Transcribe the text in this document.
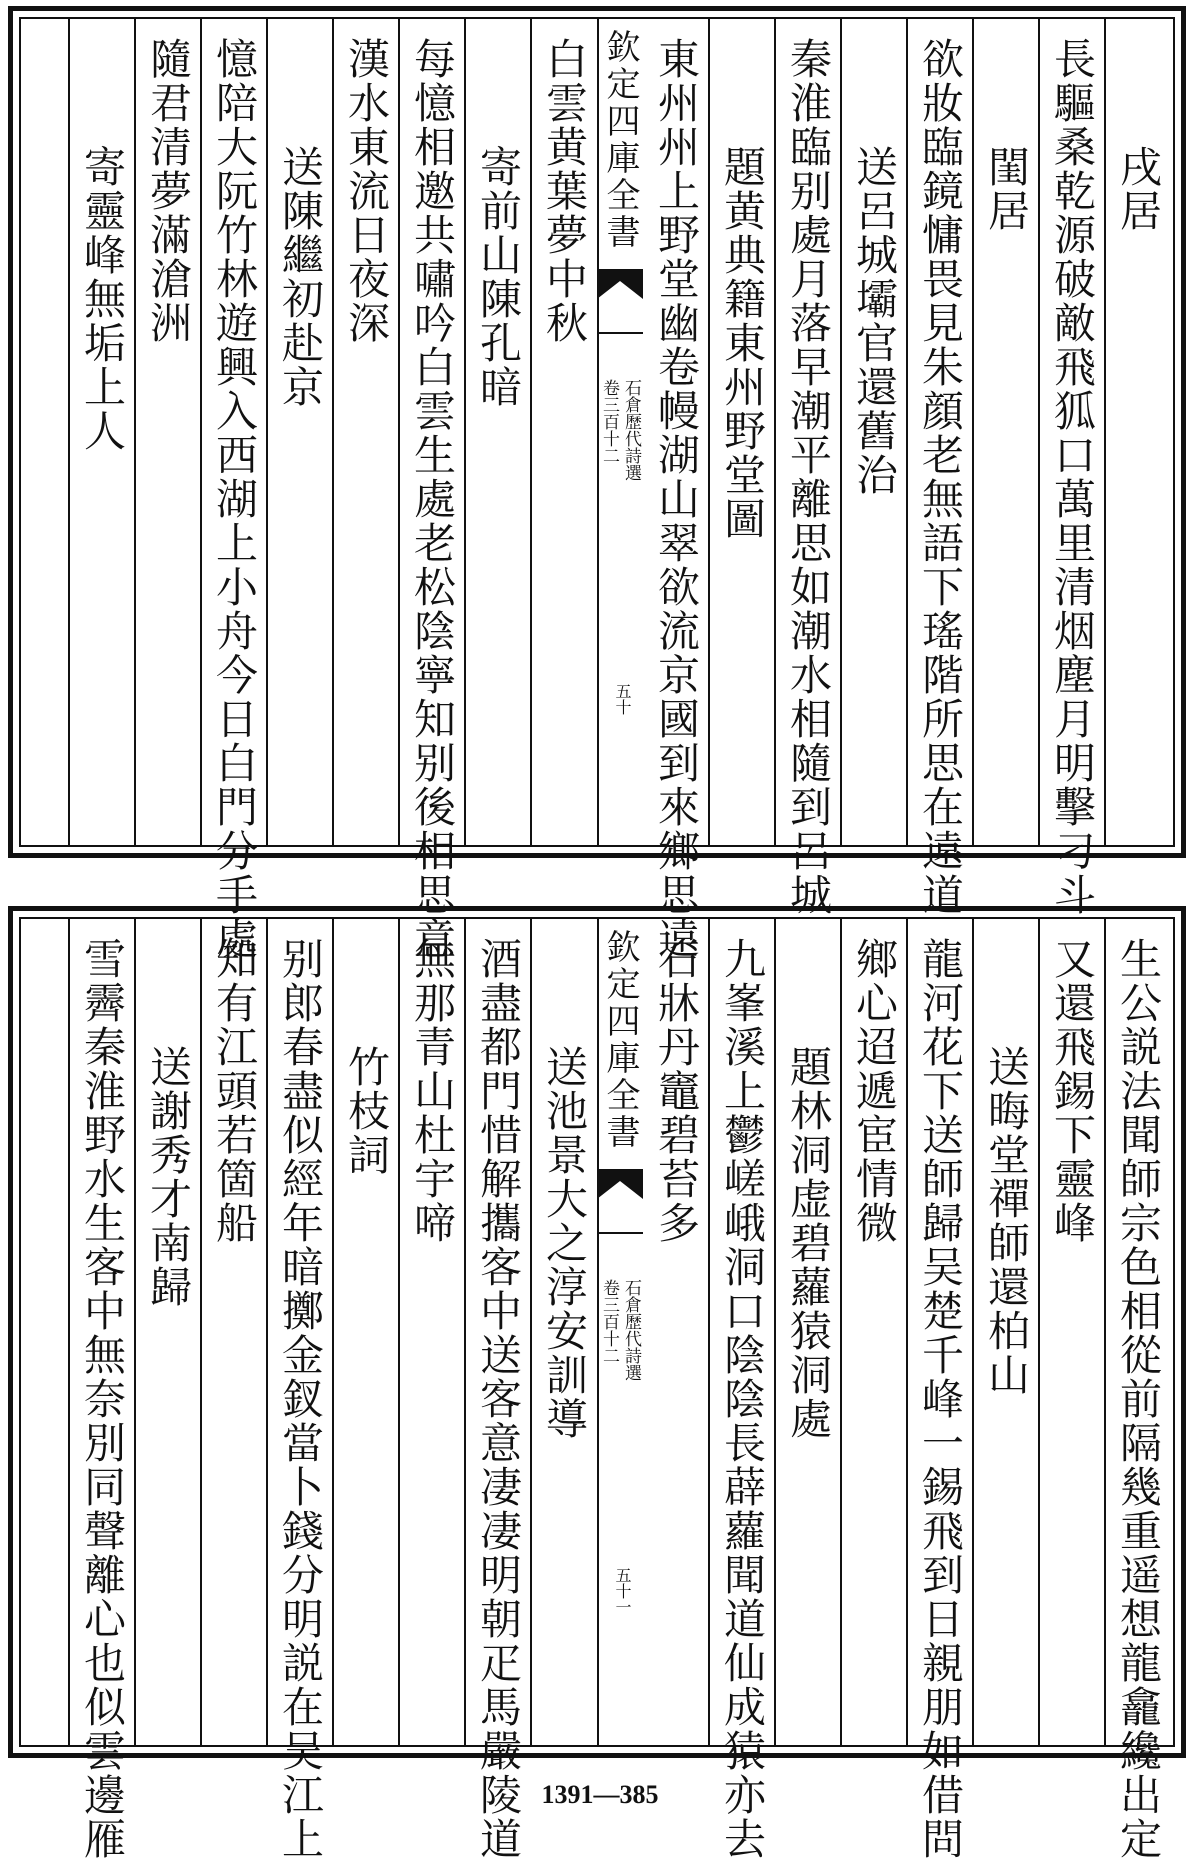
戌居
長驅桑乾源破敵飛狐口萬里清烟塵月明擊刁斗
閨居
欲妝臨鏡慵畏見朱顔老無語下瑤階所思在遠道
送呂城壩官還舊治
秦淮臨别處月落早潮平離思如潮水相隨到呂城
題黄典籍東州野堂圖
東州州上野堂幽卷幔湖山翠欲流京國到來鄉思遠
欽定四庫全書
石倉歷代詩選
卷三百十二
五十
白雲黄葉夢中秋
寄前山陳孔暗
每憶相邀共嘯吟白雲生處老松陰寧知别後相思意
漢水東流日夜深
送陳繼初赴京
憶陪大阮竹林遊興入西湖上小舟今日白門分手處
隨君清夢滿滄洲
寄靈峰無垢上人
生公説法聞師宗色相從前隔幾重遥想龍龕纔出定
又還飛錫下靈峰
送晦堂禪師還柏山
龍河花下送師歸吴楚千峰一錫飛到日親朋如借問
鄉心迢遞宦情微
題林洞虚碧蘿猿洞處
九峯溪上鬱嵯峨洞口陰陰長薜蘿聞道仙成猿亦去
石牀丹竈碧苔多
欽定四庫全書
石倉歷代詩選
卷三百十二
五十一
送池景大之淳安訓導
酒盡都門惜解攜客中送客意凄凄明朝疋馬嚴陵道
無那青山杜宇啼
竹枝詞
别郎春盡似經年暗擲金釵當卜錢分明説在吴江上
知有江頭若箇船
送謝秀才南歸
雪霽秦淮野水生客中無奈別同聲離心也似雲邊雁	1391—385
